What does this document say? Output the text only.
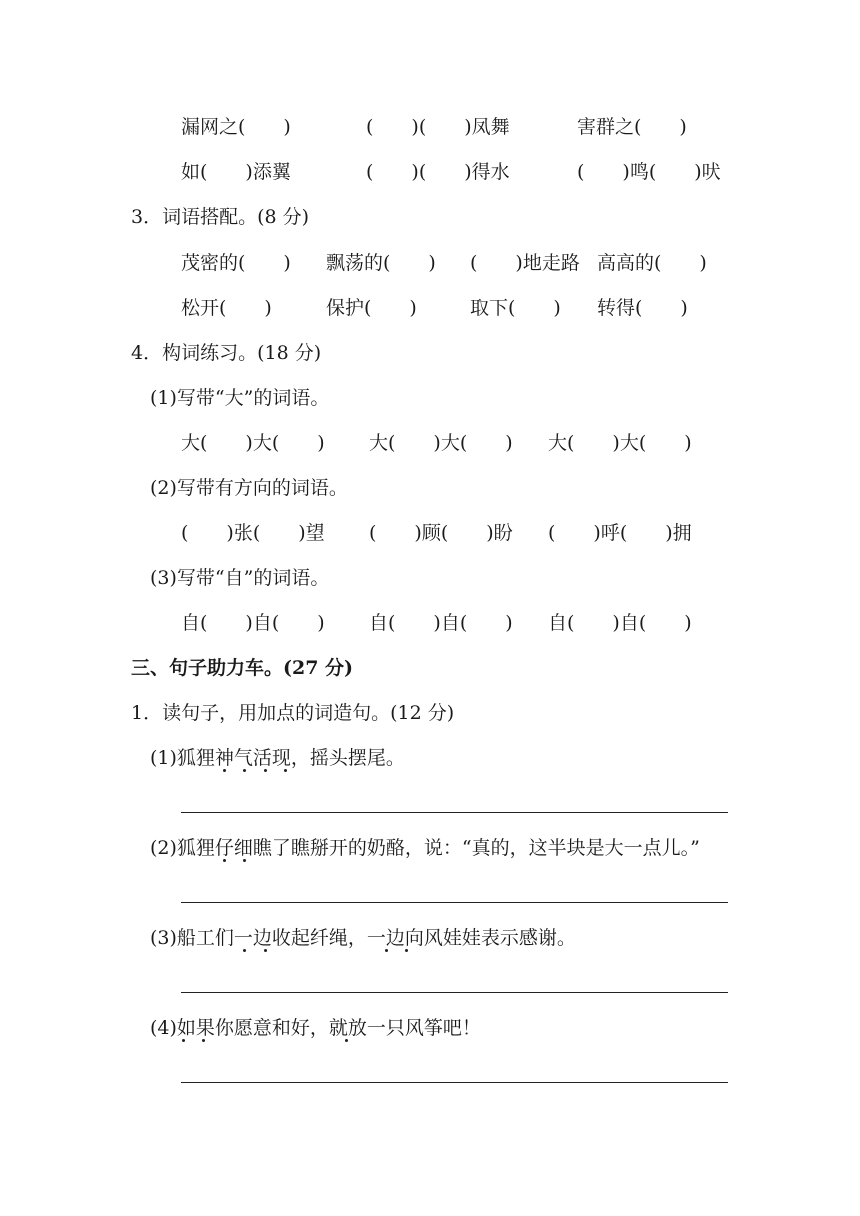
漏网之(　　)	(　　)(　　)凤舞	害群之(　　)
如(　　)添翼	(　　)(　　)得水	(　　)鸣(　　)吠
3．词语搭配。(8 分)
茂密的(　　) 飘荡的(　　) (　　)地走路 高高的(　　)
松开(　　)	保护(　　)	取下(　　) 转得(　　)
4．构词练习。(18 分)
(1)写带“大”的词语。
大(　　)大(　　) 大(　　)大(　　) 大(　　)大(　　)
(2)写带有方向的词语。
(　　)张(　　)望 (　　)顾(　　)盼 (　　)呼(　　)拥
(3)写带“自”的词语。
自(　　)自(　　) 自(　　)自(　　) 自(　　)自(　　)
三、句子助力车。(27 分)
1．读句子，用加点的词造句。(12 分)
(1)狐狸神气活现，摇头摆尾。
(2)狐狸仔细瞧了瞧掰开的奶酪，说：“真的，这半块是大一点儿。”
(3)船工们一边收起纤绳，一边向风娃娃表示感谢。
(4)如果你愿意和好，就放一只风筝吧！
